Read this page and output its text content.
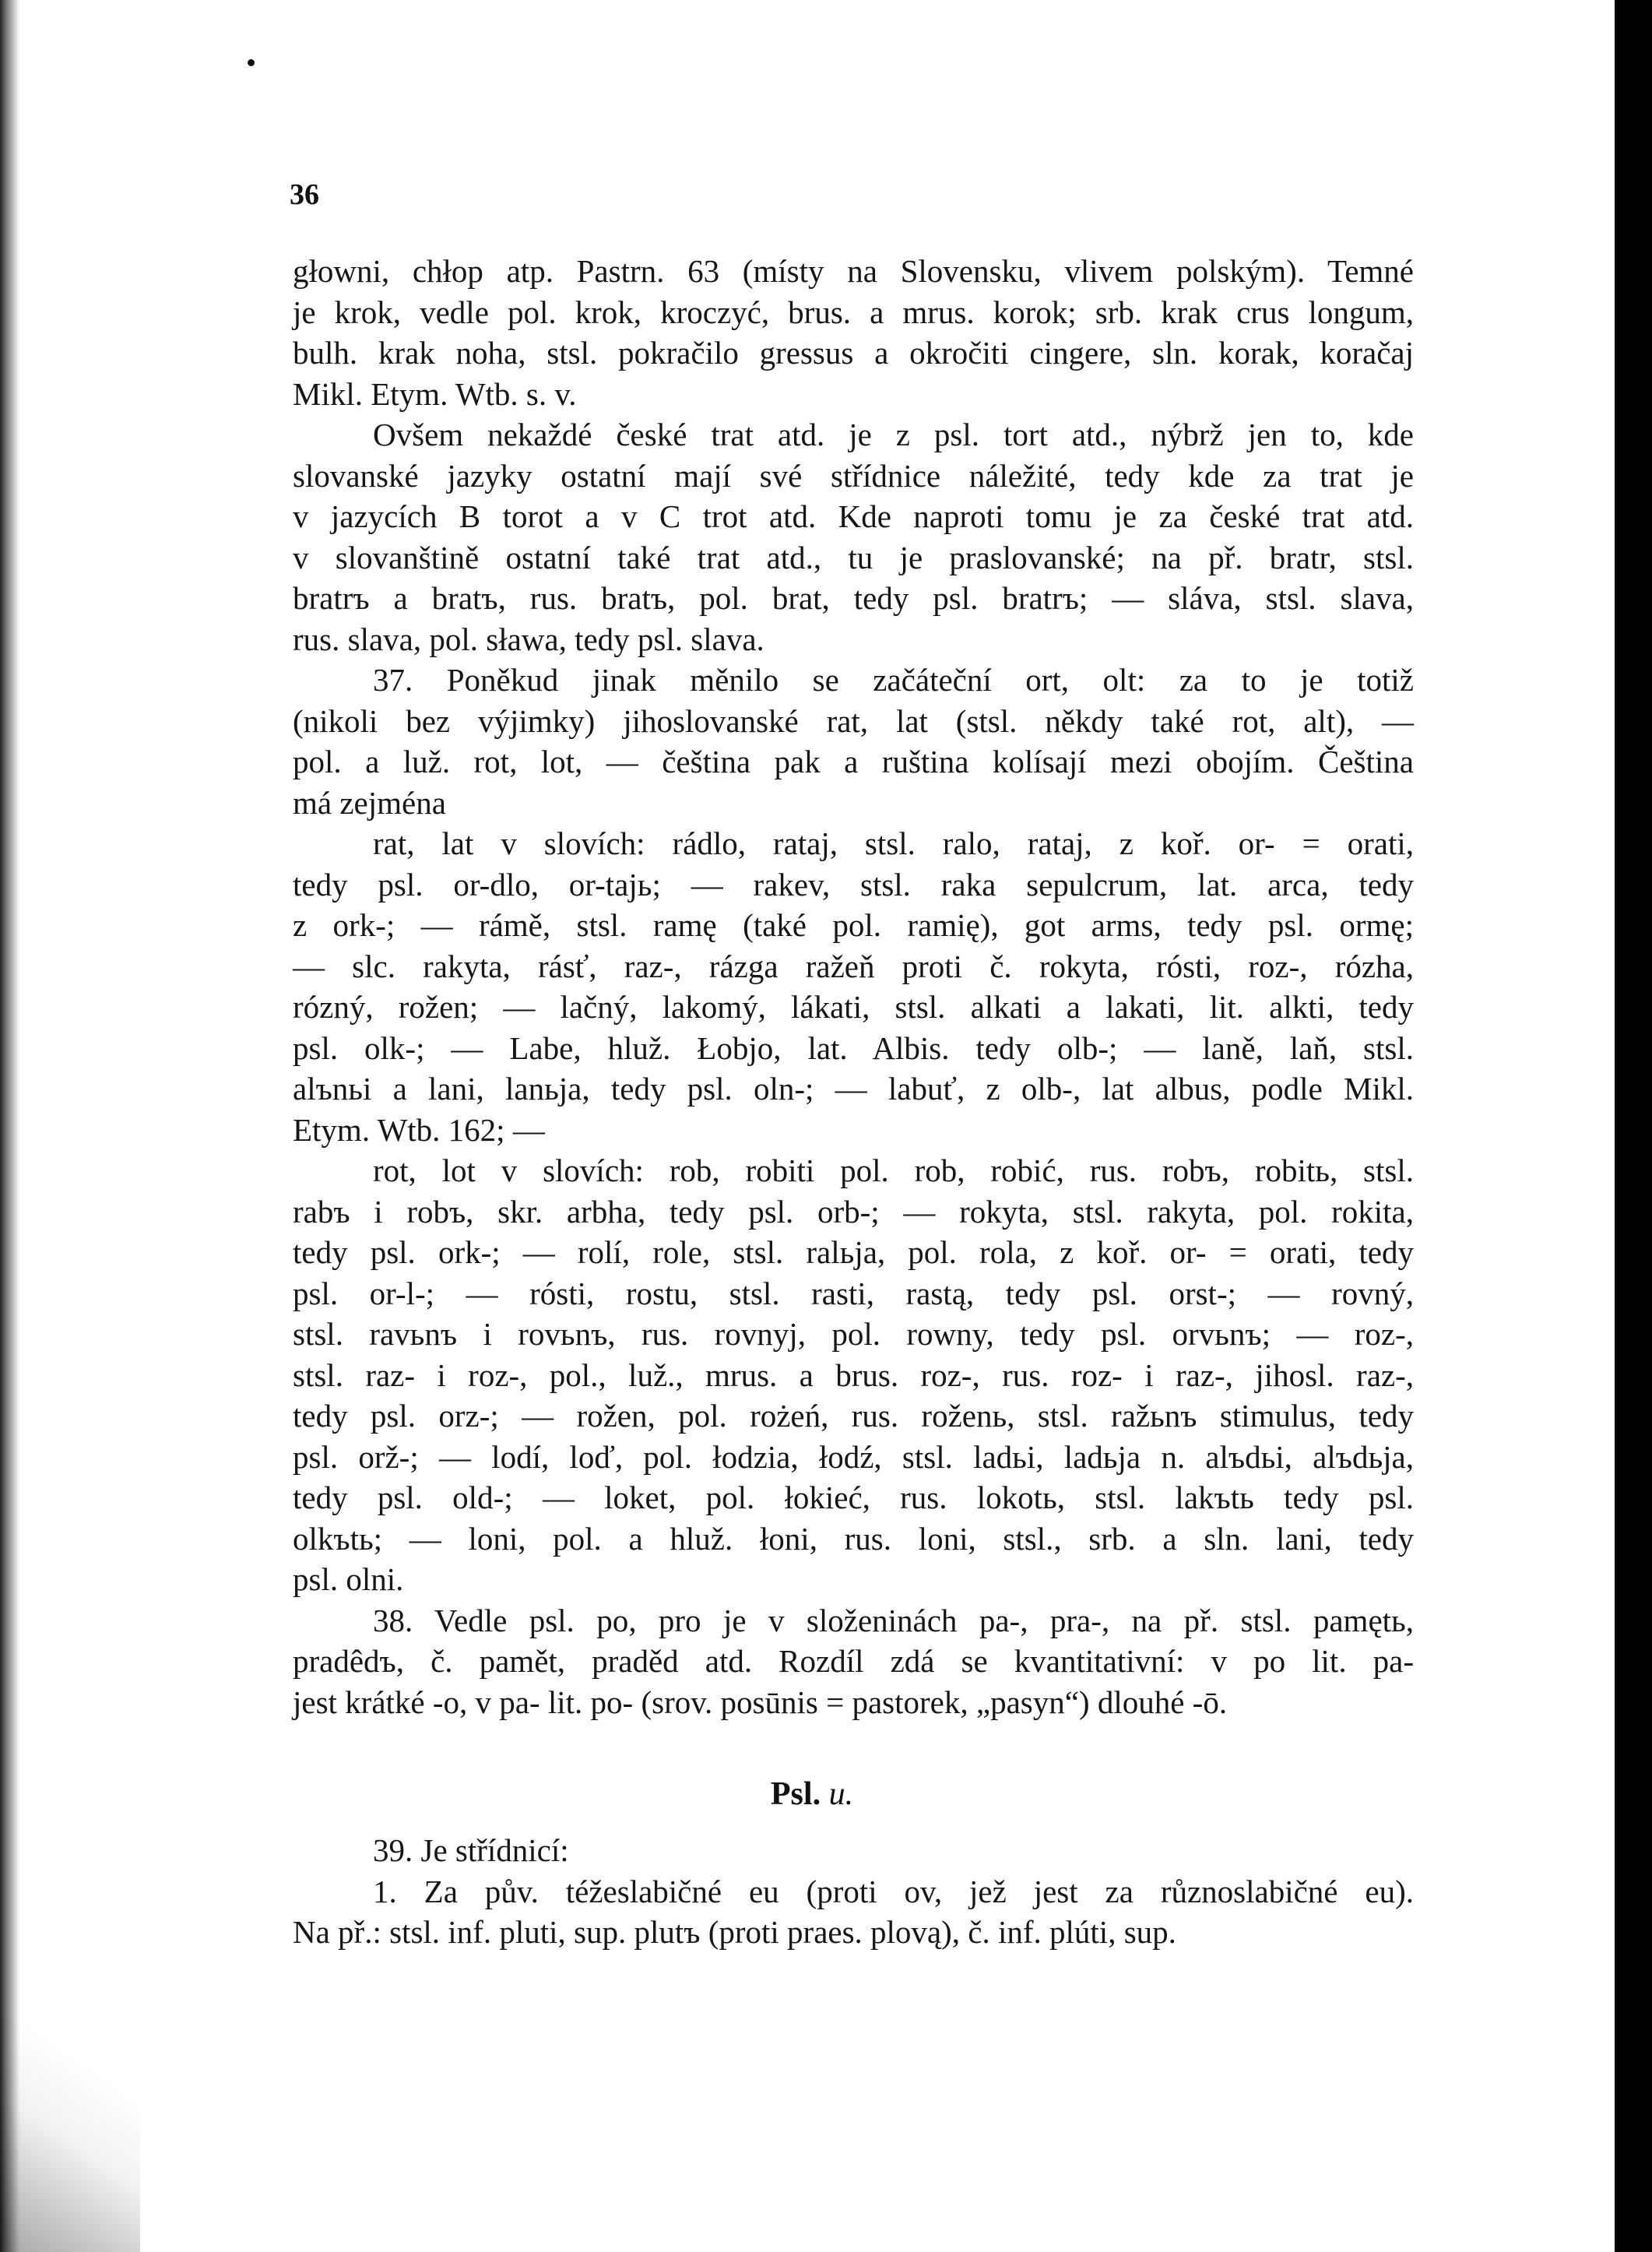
36
głowni, chłop atp. Pastrn. 63 (místy na Slovensku, vlivem polským). Temné
je krok, vedle pol. krok, kroczyć, brus. a mrus. korok; srb. krak crus longum,
bulh. krak noha, stsl. pokračilo gressus a okročiti cingere, sln. korak, koračaj
Mikl. Etym. Wtb. s. v.
Ovšem nekaždé české trat atd. je z psl. tort atd., nýbrž jen to, kde
slovanské jazyky ostatní mají své střídnice náležité, tedy kde za trat je
v jazycích B torot a v C trot atd. Kde naproti tomu je za české trat atd.
v slovanštině ostatní také trat atd., tu je praslovanské; na př. bratr, stsl.
bratrъ a bratъ, rus. bratъ, pol. brat, tedy psl. bratrъ; — sláva, stsl. slava,
rus. slava, pol. sława, tedy psl. slava.
37. Poněkud jinak měnilo se začáteční ort, olt: za to je totiž
(nikoli bez výjimky) jihoslovanské rat, lat (stsl. někdy také rot, alt), —
pol. a luž. rot, lot, — čeština pak a ruština kolísají mezi obojím. Čeština
má zejména
rat, lat v slovích: rádlo, rataj, stsl. ralo, rataj, z koř. or- = orati,
tedy psl. or-dlo, or-tajь; — rakev, stsl. raka sepulcrum, lat. arca, tedy
z ork-; — rámě, stsl. ramę (také pol. ramię), got arms, tedy psl. ormę;
— slc. rakyta, rásť, raz-, rázga ražeň proti č. rokyta, rósti, roz-, rózha,
rózný, rožen; — lačný, lakomý, lákati, stsl. alkati a lakati, lit. alkti, tedy
psl. olk-; — Labe, hluž. Łobjo, lat. Albis. tedy olb-; — laně, laň, stsl.
alъnьi a lani, lanьja, tedy psl. oln-; — labuť, z olb-, lat albus, podle Mikl.
Etym. Wtb. 162; —
rot, lot v slovích: rob, robiti pol. rob, robić, rus. robъ, robitь, stsl.
rabъ i robъ, skr. arbha, tedy psl. orb-; — rokyta, stsl. rakyta, pol. rokita,
tedy psl. ork-; — rolí, role, stsl. ralьja, pol. rola, z koř. or- = orati, tedy
psl. or-l-; — rósti, rostu, stsl. rasti, rastą, tedy psl. orst-; — rovný,
stsl. ravьnъ i rovьnъ, rus. rovnyj, pol. rowny, tedy psl. orvьnъ; — roz-,
stsl. raz- i roz-, pol., luž., mrus. a brus. roz-, rus. roz- i raz-, jihosl. raz-,
tedy psl. orz-; — rožen, pol. rożeń, rus. roženь, stsl. ražьnъ stimulus, tedy
psl. orž-; — lodí, loď, pol. łodzia, łodź, stsl. ladьi, ladьja n. alъdьi, alъdьja,
tedy psl. old-; — loket, pol. łokieć, rus. lokotь, stsl. lakъtь tedy psl.
olkъtь; — loni, pol. a hluž. łoni, rus. loni, stsl., srb. a sln. lani, tedy
psl. olni.
38. Vedle psl. po, pro je v složeninách pa-, pra-, na př. stsl. pamętь,
pradêdъ, č. pamět, praděd atd. Rozdíl zdá se kvantitativní: v po lit. pa-
jest krátké -o, v pa- lit. po- (srov. posūnis = pastorek, „pasyn“) dlouhé -ō.
Psl. u.
39. Je střídnicí:
1. Za pův. téžeslabičné eu (proti ov, jež jest za různoslabičné eu).
Na př.: stsl. inf. pluti, sup. plutъ (proti praes. plovą), č. inf. plúti, sup.
